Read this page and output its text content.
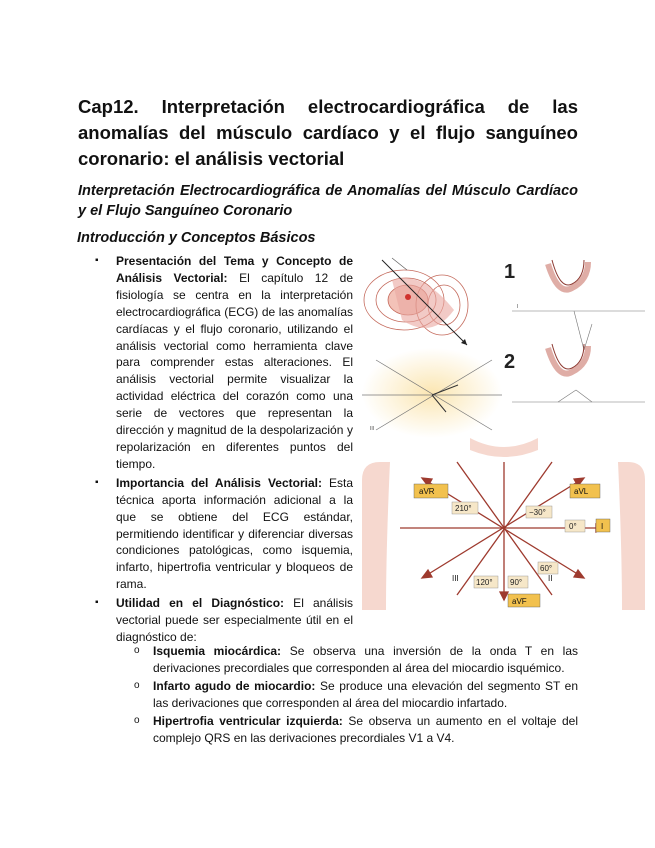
Cap12. Interpretación electrocardiográfica de las anomalías del músculo cardíaco y el flujo sanguíneo coronario: el análisis vectorial
Interpretación Electrocardiográfica de Anomalías del Músculo Cardíaco y el Flujo Sanguíneo Coronario
Introducción y Conceptos Básicos

▪ Presentación del Tema y Concepto de Análisis Vectorial: El capítulo 12 de fisiología se centra en la interpretación electrocardiográfica (ECG) de las anomalías cardíacas y el flujo coronario, utilizando el análisis vectorial como herramienta clave para comprender estas alteraciones. El análisis vectorial permite visualizar la actividad eléctrica del corazón como una serie de vectores que representan la dirección y magnitud de la despolarización y repolarización en diferentes puntos del tiempo.

▪ Importancia del Análisis Vectorial: Esta técnica aporta información adicional a la que se obtiene del ECG estándar, permitiendo identificar y diferenciar diversas condiciones patológicas, como isquemia, infarto, hipertrofia ventricular y bloqueos de rama.

▪ Utilidad en el Diagnóstico: El análisis vectorial puede ser especialmente útil en el diagnóstico de:

o Isquemia miocárdica: Se observa una inversión de la onda T en las derivaciones precordiales que corresponden al área del miocardio isquémico.

o Infarto agudo de miocardio: Se produce una elevación del segmento ST en las derivaciones que corresponden al área del miocardio infartado.

o Hipertrofia ventricular izquierda: Se observa un aumento en el voltaje del complejo QRS en las derivaciones precordiales V1 a V4.

1
I
III
2
aVR	aVL
aVF
I
II
III
210°	−30°
0°
60°
90°
120°
